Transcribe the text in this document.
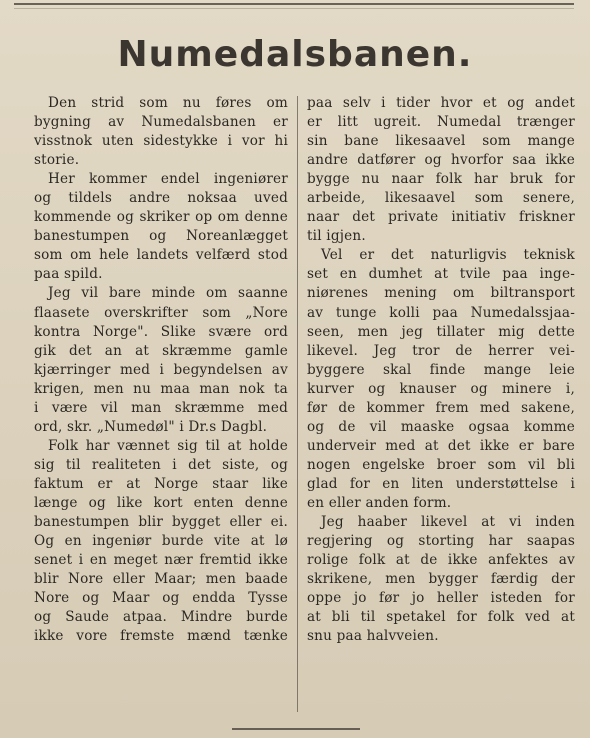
Numedalsbanen.
Den strid som nu føres om
bygning av Numedalsbanen er
visstnok uten sidestykke i vor hi
storie.
Her kommer endel ingeniører
og tildels andre noksaa uved
kommende og skriker op om denne
banestumpen og Noreanlægget
som om hele landets velfærd stod
paa spild.
Jeg vil bare minde om saanne
flaasete overskrifter som „Nore
kontra Norge". Slike svære ord
gik det an at skræmme gamle
kjærringer med i begyndelsen av
krigen, men nu maa man nok ta
i være vil man skræmme med
ord, skr. „Numedøl" i Dr.s Dagbl.
Folk har vænnet sig til at holde
sig til realiteten i det siste, og
faktum er at Norge staar like
længe og like kort enten denne
banestumpen blir bygget eller ei.
Og en ingeniør burde vite at lø
senet i en meget nær fremtid ikke
blir Nore eller Maar; men baade
Nore og Maar og endda Tysse
og Saude atpaa. Mindre burde
ikke vore fremste mænd tænke
paa selv i tider hvor et og andet
er litt ugreit. Numedal trænger
sin bane likesaavel som mange
andre datfører og hvorfor saa ikke
bygge nu naar folk har bruk for
arbeide, likesaavel som senere,
naar det private initiativ friskner
til igjen.
Vel er det naturligvis teknisk
set en dumhet at tvile paa inge-
niørenes mening om biltransport
av tunge kolli paa Numedalssjaa-
seen, men jeg tillater mig dette
likevel. Jeg tror de herrer vei-
byggere skal finde mange leie
kurver og knauser og minere i,
før de kommer frem med sakene,
og de vil maaske ogsaa komme
underveir med at det ikke er bare
nogen engelske broer som vil bli
glad for en liten understøttelse i
en eller anden form.
Jeg haaber likevel at vi inden
regjering og storting har saapas
rolige folk at de ikke anfektes av
skrikene, men bygger færdig der
oppe jo før jo heller isteden for
at bli til spetakel for folk ved at
snu paa halvveien.
